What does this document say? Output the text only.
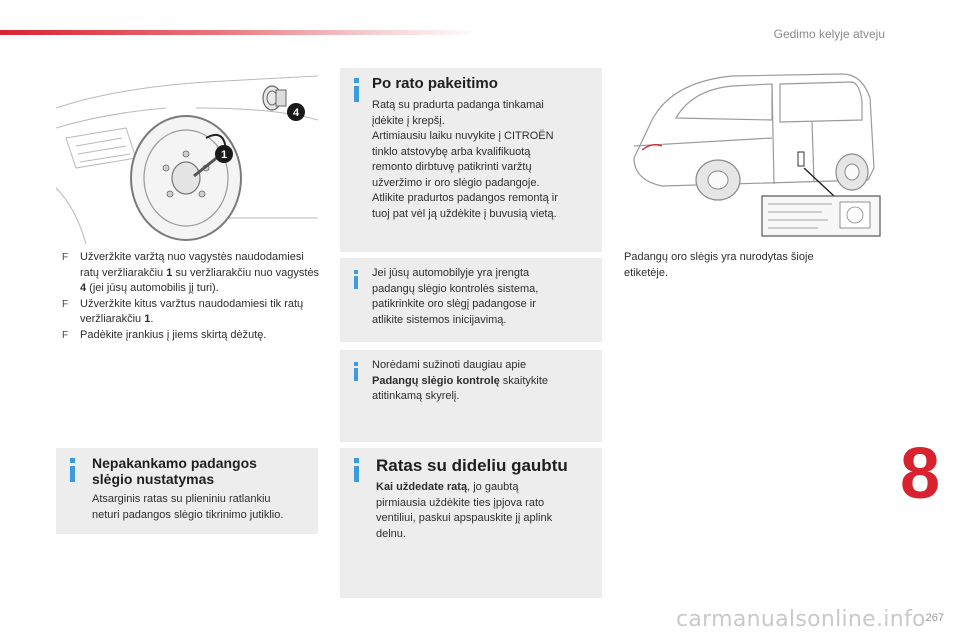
Gedimo kelyje atveju
1
4

F Užveržkite varžtą nuo vagystės naudodamiesi ratų veržliarakčiu 1 su veržliarakčiu nuo vagystės 4 (jei jūsų automobilis jį turi).

F Užveržkite kitus varžtus naudodamiesi tik ratų veržliarakčiu 1.

F Padėkite įrankius į jiems skirtą dėžutę.

Po rato pakeitimo
Ratą su pradurta padanga tinkamai
įdėkite į krepšį.
Artimiausiu laiku nuvykite į CITROËN
tinklo atstovybę arba kvalifikuotą
remonto dirbtuvę patikrinti varžtų
užveržimo ir oro slėgio padangoje.
Atlikite pradurtos padangos remontą ir
tuoj pat vėl ją uždėkite į buvusią vietą.
Jei jūsų automobilyje yra įrengta
padangų slėgio kontrolės sistema,
patikrinkite oro slėgį padangose ir
atlikite sistemos inicijavimą.
Norėdami sužinoti daugiau apie
Padangų slėgio kontrolę skaitykite
atitinkamą skyrelį.
Nepakankamo padangos
slėgio nustatymas
Atsarginis ratas su plieniniu ratlankiu
neturi padangos slėgio tikrinimo jutiklio.
Ratas su dideliu gaubtu
Kai uždedate ratą, jo gaubtą
pirmiausia uždėkite ties įpjova rato
ventiliui, paskui apspauskite jį aplink
delnu.
Padangų oro slėgis yra nurodytas šioje
etiketėje.
8
carmanualsonline.info 267
